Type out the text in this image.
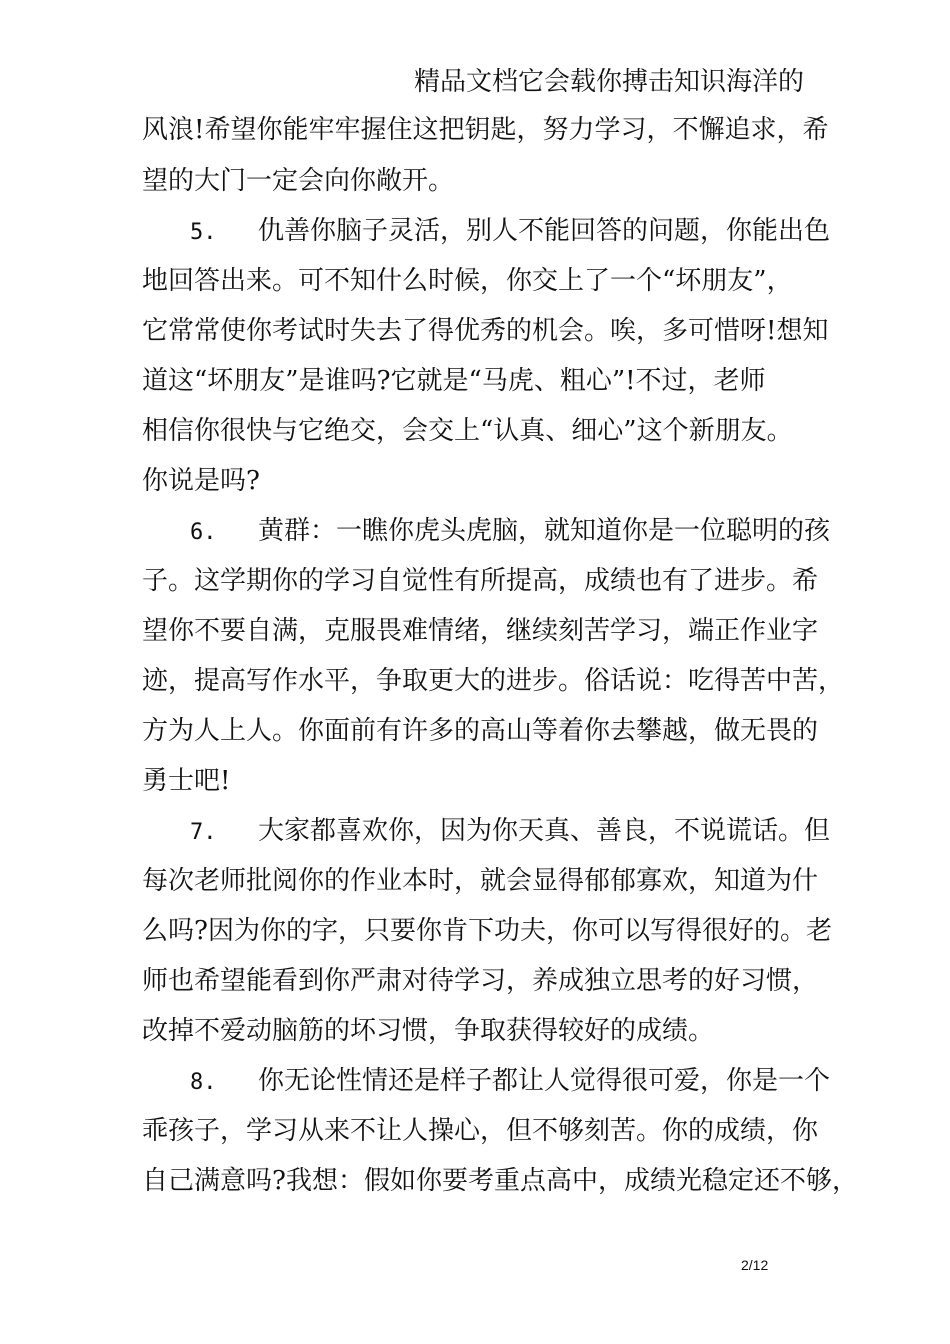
精品文档它会载你搏击知识海洋的
风浪!希望你能牢牢握住这把钥匙，努力学习，不懈追求，希
望的大门一定会向你敞开。
5. 仇善你脑子灵活，别人不能回答的问题，你能出色
地回答出来。可不知什么时候，你交上了一个“坏朋友”，
它常常使你考试时失去了得优秀的机会。唉，多可惜呀!想知
道这“坏朋友”是谁吗?它就是“马虎、粗心”!不过，老师
相信你很快与它绝交，会交上“认真、细心”这个新朋友。
你说是吗?
6. 黄群：一瞧你虎头虎脑，就知道你是一位聪明的孩
子。这学期你的学习自觉性有所提高，成绩也有了进步。希
望你不要自满，克服畏难情绪，继续刻苦学习，端正作业字
迹，提高写作水平，争取更大的进步。俗话说：吃得苦中苦，
方为人上人。你面前有许多的高山等着你去攀越，做无畏的
勇士吧!
7. 大家都喜欢你，因为你天真、善良，不说谎话。但
每次老师批阅你的作业本时，就会显得郁郁寡欢，知道为什
么吗?因为你的字，只要你肯下功夫，你可以写得很好的。老
师也希望能看到你严肃对待学习，养成独立思考的好习惯，
改掉不爱动脑筋的坏习惯，争取获得较好的成绩。
8. 你无论性情还是样子都让人觉得很可爱，你是一个
乖孩子，学习从来不让人操心，但不够刻苦。你的成绩，你
自己满意吗?我想：假如你要考重点高中，成绩光稳定还不够，
2/12
